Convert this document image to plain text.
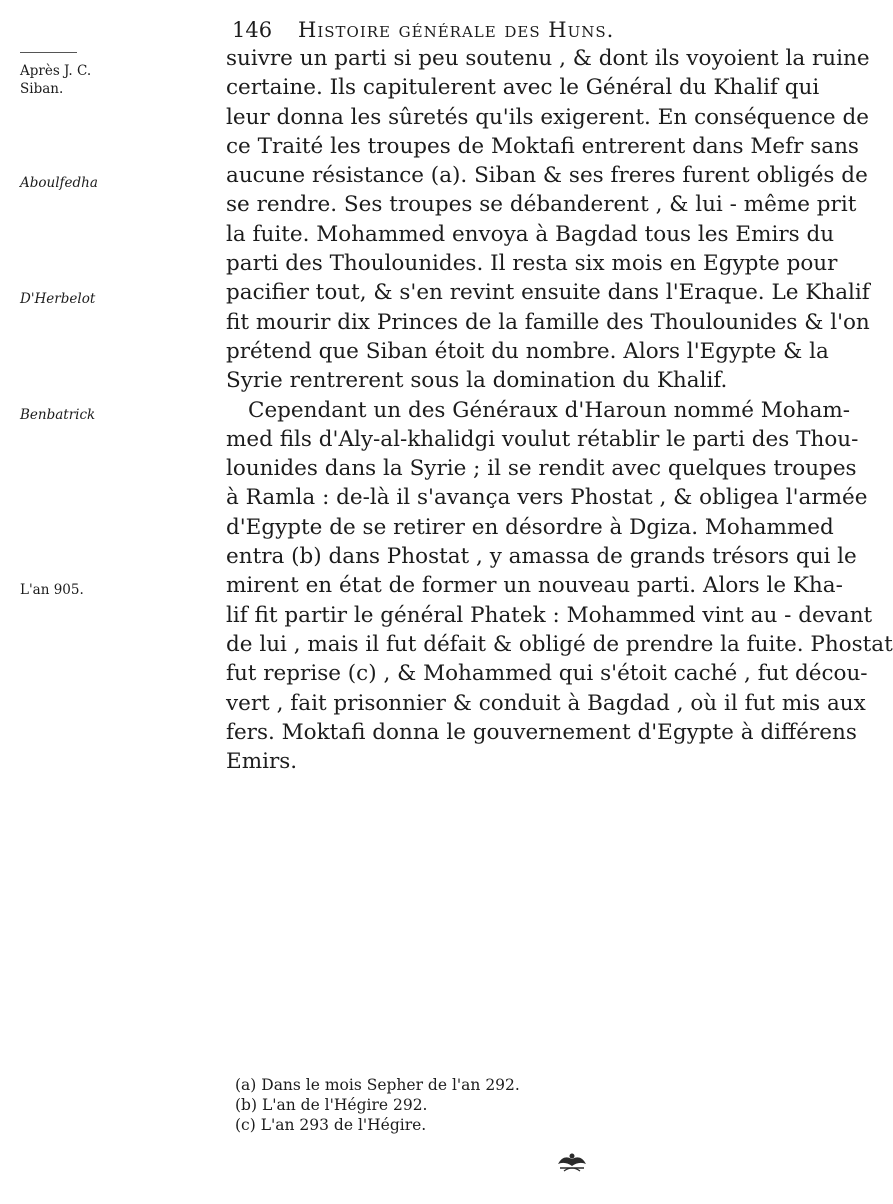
146 Histoire générale des Huns.
Après J. C.
Siban.
Aboulfedha
D'Herbelot
Benbatrick
L'an 905.
suivre un parti si peu soutenu , & dont ils voyoient la ruine
certaine. Ils capitulerent avec le Général du Khalif qui
leur donna les sûretés qu'ils exigerent. En conséquence de
ce Traité les troupes de Moktafi entrerent dans Mefr sans
aucune résistance (a). Siban & ses freres furent obligés de
se rendre. Ses troupes se débanderent , & lui - même prit
la fuite. Mohammed envoya à Bagdad tous les Emirs du
parti des Thoulounides. Il resta six mois en Egypte pour
pacifier tout, & s'en revint ensuite dans l'Eraque. Le Khalif
fit mourir dix Princes de la famille des Thoulounides & l'on
prétend que Siban étoit du nombre. Alors l'Egypte & la
Syrie rentrerent sous la domination du Khalif.
Cependant un des Généraux d'Haroun nommé Moham-
med fils d'Aly-al-khalidgi voulut rétablir le parti des Thou-
lounides dans la Syrie ; il se rendit avec quelques troupes
à Ramla : de-là il s'avança vers Phostat , & obligea l'armée
d'Egypte de se retirer en désordre à Dgiza. Mohammed
entra (b) dans Phostat , y amassa de grands trésors qui le
mirent en état de former un nouveau parti. Alors le Kha-
lif fit partir le général Phatek : Mohammed vint au - devant
de lui , mais il fut défait & obligé de prendre la fuite. Phostat
fut reprise (c) , & Mohammed qui s'étoit caché , fut décou-
vert , fait prisonnier & conduit à Bagdad , où il fut mis aux
fers. Moktafi donna le gouvernement d'Egypte à différens
Emirs.
(a) Dans le mois Sepher de l'an 292.
(b) L'an de l'Hégire 292.
(c) L'an 293 de l'Hégire.
